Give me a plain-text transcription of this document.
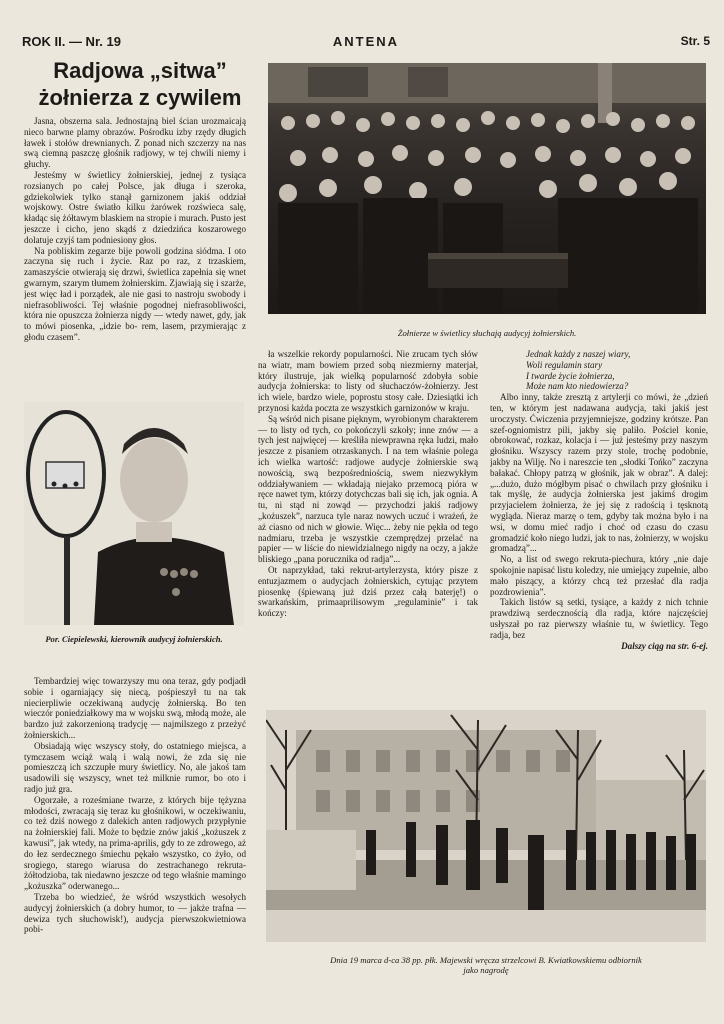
ROK II. — Nr. 19	ANTENA	Str. 5
Radjowa „sitwa”
żołnierza z cywilem

Jasna, obszerna sala. Jednostajną biel ścian urozmaicają nieco barwne plamy obrazów. Pośrodku izby rzędy długich ławek i stołów drewnianych. Z ponad nich szczerzy na nas swą ciemną paszczę głośnik radjowy, w tej chwili niemy i głuchy.

Jesteśmy w świetlicy żołnierskiej, jednej z tysiąca rozsianych po całej Polsce, jak długa i szeroka, gdziekolwiek tylko stanął garnizonem jakiś oddział wojskowy. Ostre światło kilku żarówek rozświeca salę, kładąc się żółtawym blaskiem na stropie i murach. Pusto jest jeszcze i cicho, jeno skądś z dziedzińca koszarowego dolatuje czyjś tam podniesiony głos.

Na pobliskim zegarze bije powoli godzina siódma. I oto zaczyna się ruch i życie. Raz po raz, z trzaskiem, zamaszyście otwierają się drzwi, świetlica zapełnia się wnet gwarnym, szarym tłumem żołnierskim. Zjawiają się i szarże, jest więc ład i porządek, ale nie gasi to nastroju swobody i niefrasobliwości. Tej właśnie pogodnej niefrasobliwości, która nie opuszcza żołnierza nigdy — wtedy nawet, gdy, jak to mówi piosenka, „idzie bo- rem, lasem, przymierając z głodu czasem”.	Żołnierze w świetlicy słuchają audycyj żołnierskich.
Por. Ciepielewski, kierownik audycyj żołnierskich.

Tembardziej więc towarzyszy mu ona teraz, gdy podjadł sobie i ogarniający się niecą, pośpieszył tu na tak niecierpliwie oczekiwaną audycję żołnierską. Bo ten wieczór poniedziałkowy ma w wojsku swą, młodą może, ale bardzo już zakorzenioną tradycję — najmilszego z przeżyć żołnierskich...

Obsiadają więc wszyscy stoły, do ostatniego miejsca, a tymczasem wciąż walą i walą nowi, że zda się nie pomieszczą ich szczupłe mury świetlicy. No, ale jakoś tam usadowili się wszyscy, wnet też milknie rumor, bo oto i radjo już gra.

Ogorzałe, a roześmiane twarze, z których bije tężyzna młodości, zwracają się teraz ku głośnikowi, w oczekiwaniu, co też dziś nowego z dalekich anten radjowych przypłynie na żołnierskiej fali. Może to będzie znów jakiś „kożuszek z kawusi”, jak wtedy, na prima-aprilis, gdy to ze zdrowego, aż do łez serdecznego śmiechu pękało wszystko, co żyło, od srogiego, starego wiarusa do zestrachanego rekruta-żółtodzioba, tak niedawno jeszcze od tego właśnie mamingo „kożuszka” oderwanego...

Trzeba bo wiedzieć, że wśród wszystkich wesołych audycyj żołnierskich (a dobry humor, to — jakże trafna — dewiza tych słuchowisk!), audycja pierwszokwietniowa pobi-

ła wszelkie rekordy popularności. Nie zrucam tych słów na wiatr, mam bowiem przed sobą niezmierny materjał, który ilustruje, jak wielką popularność zdobyła sobie audycja żołnierska: to listy od słuchaczów-żołnierzy. Jest ich wiele, bardzo wiele, poprostu stosy całe. Dziesiątki ich przynosi każda poczta ze wszystkich garnizonów w kraju.

Są wśród nich pisane pięknym, wyrobionym charakterem — to listy od tych, co pokończyli szkoły; inne znów — a tych jest najwięcej — kreśliła niewprawna ręka ludzi, mało jeszcze z pisaniem otrzaskanych. I na tem właśnie polega ich wielka wartość: radjowe audycje żołnierskie swą nowością, swą bezpośredniością, swem niezwykłym oddziaływaniem — wkładają niejako przemocą pióra w ręce nawet tym, którzy dotychczas bali się ich, jak ognia. A tu, ni stąd ni zowąd — przychodzi jakiś radjowy „kożuszek”, narzuca tyle naraz nowych uczuć i wrażeń, że aż ciasno od nich w głowie. Więc... żeby nie pękła od tego nadmiaru, trzeba je wszystkie czemprędzej przelać na papier — w liście do niewidzialnego nigdy na oczy, a jakże bliskiego „pana porucznika od radja”...

Ot naprzykład, taki rekrut-artylerzysta, który pisze z entuzjazmem o audycjach żołnierskich, cytując przytem piosenkę (śpiewaną już dziś przez całą baterję!) o swarkańskim, primaaprilisowym „regulaminie” i tak kończy:

Jednak każdy z naszej wiary,

Woli regulamin stary

I twarde życie żołnierza,

Może nam kto niedowierza?

Albo inny, także zresztą z artylerji co mówi, że „dzień ten, w którym jest nadawana audycja, taki jakiś jest uroczysty. Ćwiczenia przyjemniejsze, godziny krótsze. Pan szef-ogniomistrz pili, jakby się paliło. Pościel konie, obrokować, rozkaz, kolacja i — już jesteśmy przy naszym głośniku. Wszyscy razem przy stole, trochę podobnie, jakby na Wilję. No i nareszcie ten „słodki Tońko” zaczyna bałakać. Chłopy patrzą w głośnik, jak w obraz”. A dalej: „...dużo, dużo mógłbym pisać o chwilach przy głośniku i tak myślę, że audycja żołnierska jest jakimś drogim przyjacielem żołnierza, że jej się z radością i tęsknotą wygląda. Nieraz marzę o tem, gdyby tak można było i na wsi, w domu mieć radjo i choć od czasu do czasu gromadzić koło niego ludzi, jak to nas, żołnierzy, w wojsku gromadzą”...

No, a list od swego rekruta-piechura, który „nie daje spokojnie napisać listu koledzy, nie umiejący zupełnie, albo mało piszący, a którzy chcą też przesłać dla radja pozdrowienia”.

Takich listów są setki, tysiące, a każdy z nich tchnie prawdziwą serdecznością dla radja, które najczęściej usłyszał po raz pierwszy właśnie tu, w świetlicy. Tego radja, bez

Dalszy ciąg na str. 6-ej.

Dnia 19 marca d-ca 38 pp. płk. Majewski wręcza strzelcowi B. Kwiatkowskiemu odbiornik
jako nagrodę
